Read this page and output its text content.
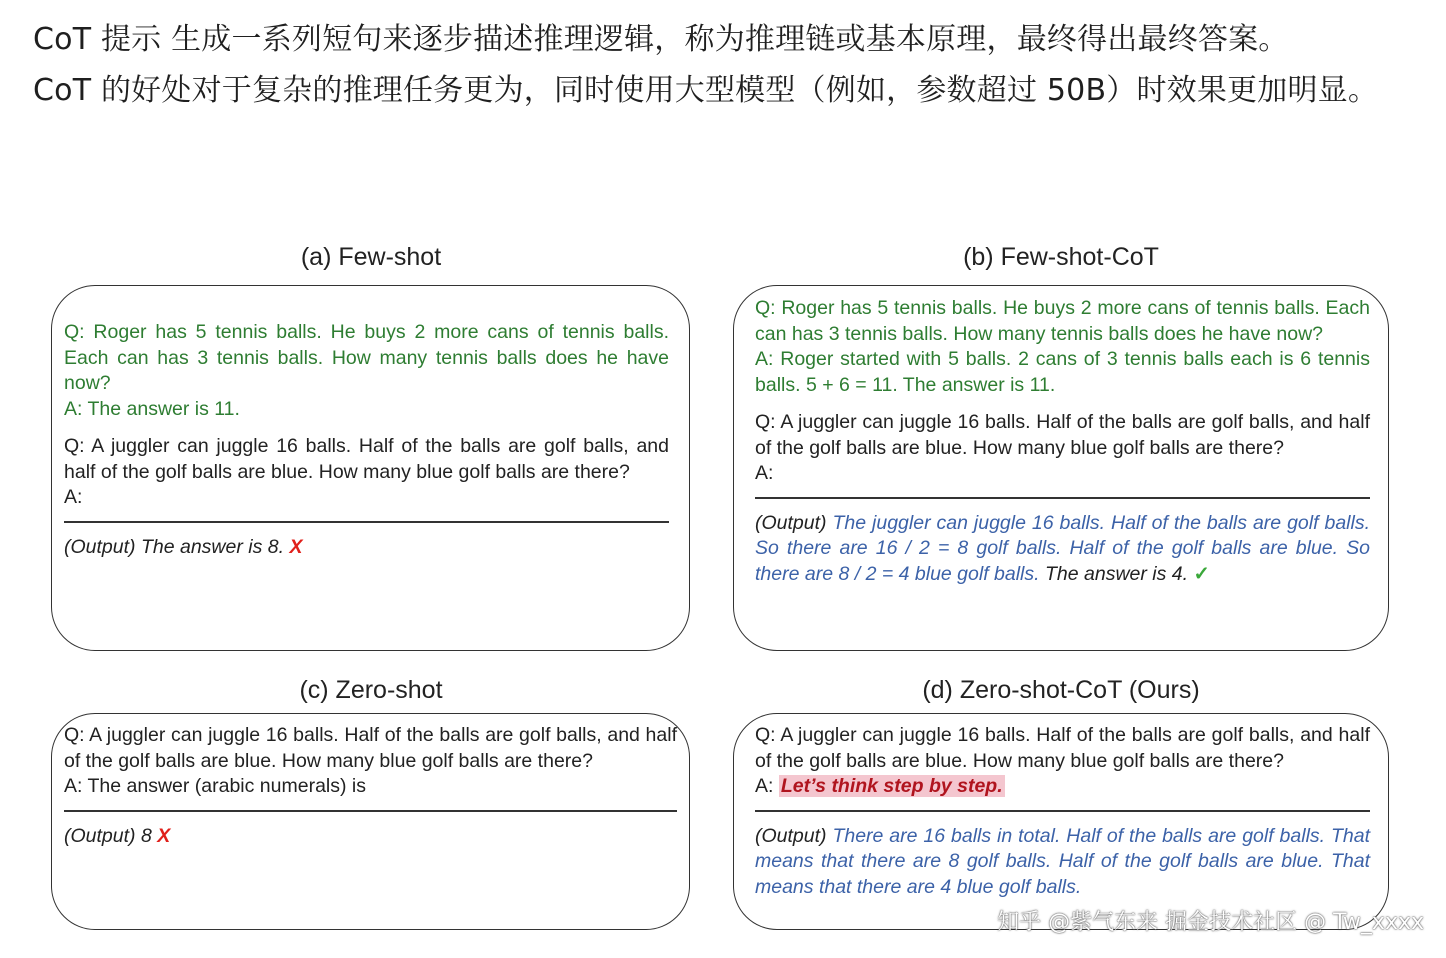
CoT 提示 生成一系列短句来逐步描述推理逻辑，称为推理链或基本原理，最终得出最终答案。
CoT 的好处对于复杂的推理任务更为，同时使用大型模型（例如，参数超过 50B）时效果更加明显。

(a) Few-shot

Q: Roger has 5 tennis balls. He buys 2 more cans of tennis balls. Each can has 3 tennis balls. How many tennis balls does he have now?

A: The answer is 11.

Q: A juggler can juggle 16 balls. Half of the balls are golf balls, and half of the golf balls are blue. How many blue golf balls are there?

A:

(Output) The answer is 8. X

(b) Few-shot-CoT

Q: Roger has 5 tennis balls. He buys 2 more cans of tennis balls. Each can has 3 tennis balls. How many tennis balls does he have now?

A: Roger started with 5 balls. 2 cans of 3 tennis balls each is 6 tennis balls. 5 + 6 = 11. The answer is 11.

Q: A juggler can juggle 16 balls. Half of the balls are golf balls, and half of the golf balls are blue. How many blue golf balls are there?

A:

(Output) The juggler can juggle 16 balls. Half of the balls are golf balls. So there are 16 / 2 = 8 golf balls. Half of the golf balls are blue. So there are 8 / 2 = 4 blue golf balls. The answer is 4. ✓

(c) Zero-shot

Q: A juggler can juggle 16 balls. Half of the balls are golf balls, and half of the golf balls are blue. How many blue golf balls are there?

A: The answer (arabic numerals) is

(Output) 8 X

(d) Zero-shot-CoT (Ours)

Q: A juggler can juggle 16 balls. Half of the balls are golf balls, and half of the golf balls are blue. How many blue golf balls are there?

A: Let’s think step by step.

(Output) There are 16 balls in total. Half of the balls are golf balls. That means that there are 8 golf balls. Half of the golf balls are blue. That means that there are 4 blue golf balls.

知乎 @紫气东来 掘金技术社区 @ Tw_xxxx
